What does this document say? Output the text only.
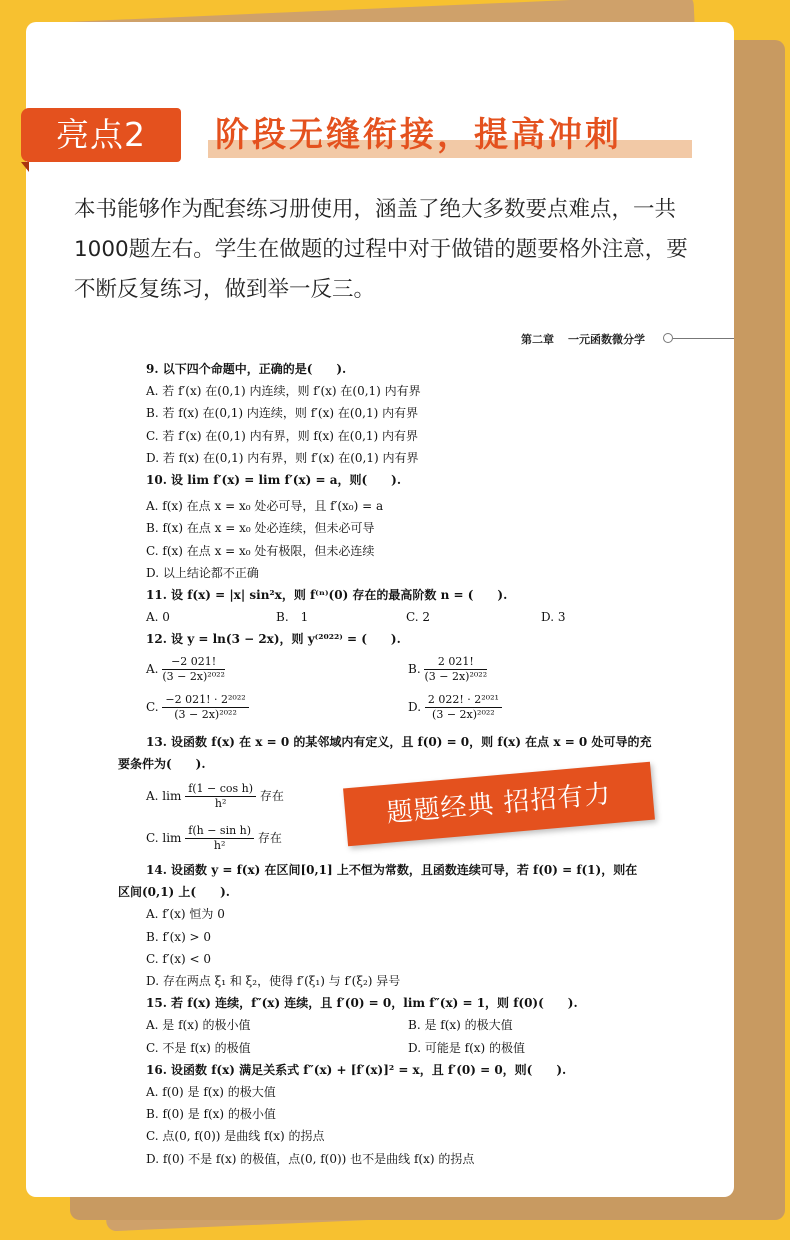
亮点2	阶段无缝衔接，提高冲刺
本书能够作为配套练习册使用，涵盖了绝大多数要点难点，一共1000题左右。学生在做题的过程中对于做错的题要格外注意，要不断反复练习，做到举一反三。
第二章 一元函数微分学
9. 以下四个命题中，正确的是(　　).
A. 若 f′(x) 在(0,1) 内连续，则 f′(x) 在(0,1) 内有界
B. 若 f(x) 在(0,1) 内连续，则 f′(x) 在(0,1) 内有界
C. 若 f′(x) 在(0,1) 内有界，则 f(x) 在(0,1) 内有界
D. 若 f(x) 在(0,1) 内有界，则 f′(x) 在(0,1) 内有界
10. 设 lim f′(x) = lim f′(x) = a，则(　　).
A. f(x) 在点 x = x₀ 处必可导，且 f′(x₀) = a
B. f(x) 在点 x = x₀ 处必连续，但未必可导
C. f(x) 在点 x = x₀ 处有极限，但未必连续
D. 以上结论都不正确
11. 设 f(x) = |x| sin²x，则 f⁽ⁿ⁾(0) 存在的最高阶数 n = (　　).
A. 0	B.　1	C. 2	D. 3
12. 设 y = ln(3 − 2x)，则 y⁽²⁰²²⁾ = (　　).
A. $\frac{-2 021!}{\text{(3 − 2x)²⁰²²}}$	B. $\frac{2 021!}{\text{(3 − 2x)²⁰²²}}$
C. $\frac{\text{−2 021! · 2²⁰²²}}{\text{(3 − 2x)²⁰²²}}$	D. $\frac{\text{2 022! · 2²⁰²¹}}{\text{(3 − 2x)²⁰²²}}$
13. 设函数 f(x) 在 x = 0 的某邻域内有定义，且 f(0) = 0，则 f(x) 在点 x = 0 处可导的充
要条件为(　　).
A. lim
$\frac{\text{f(1 − cos h)}}{\text{h²}}$
存在
C. lim
$\frac{\text{f(h − sin h)}}{\text{h²}}$
存在
14. 设函数 y = f(x) 在区间[0,1] 上不恒为常数，且函数连续可导，若 f(0) = f(1)，则在
区间(0,1) 上(　　).
A. f′(x) 恒为 0
B. f′(x) > 0
C. f′(x) < 0
D. 存在两点 ξ₁ 和 ξ₂，使得 f′(ξ₁) 与 f′(ξ₂) 异号
15. 若 f(x) 连续，f″(x) 连续，且 f′(0) = 0，lim f″(x) = 1，则 f(0)(　　).
A. 是 f(x) 的极小值	B. 是 f(x) 的极大值
C. 不是 f(x) 的极值	D. 可能是 f(x) 的极值
16. 设函数 f(x) 满足关系式 f″(x) + [f′(x)]² = x，且 f′(0) = 0，则(　　).
A. f(0) 是 f(x) 的极大值
B. f(0) 是 f(x) 的极小值
C. 点(0, f(0)) 是曲线 f(x) 的拐点
D. f(0) 不是 f(x) 的极值，点(0, f(0)) 也不是曲线 f(x) 的拐点
题题经典 招招有力
